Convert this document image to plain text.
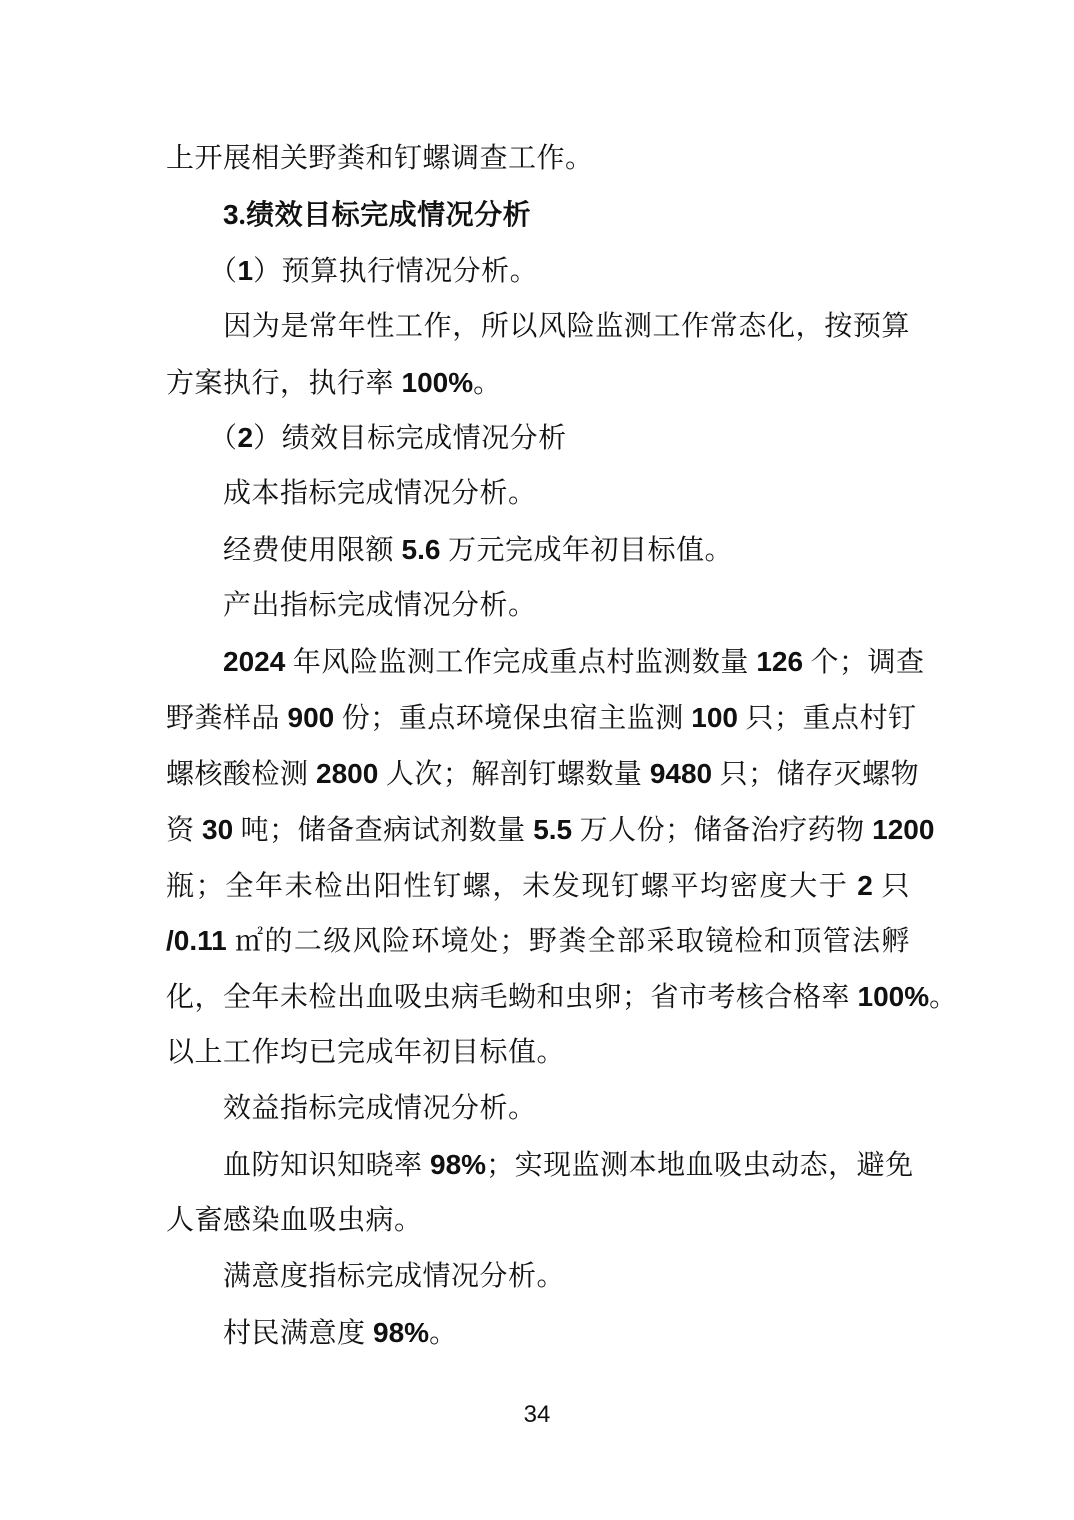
上开展相关野粪和钉螺调查工作。
　　3.绩效目标完成情况分析
　　（1）预算执行情况分析。
　　因为是常年性工作，所以风险监测工作常态化，按预算
方案执行，执行率 100%。
　　（2）绩效目标完成情况分析
　　成本指标完成情况分析。
　　经费使用限额 5.6 万元完成年初目标值。
　　产出指标完成情况分析。
　　2024 年风险监测工作完成重点村监测数量 126 个；调查
野粪样品 900 份；重点环境保虫宿主监测 100 只；重点村钉
螺核酸检测 2800 人次；解剖钉螺数量 9480 只；储存灭螺物
资 30 吨；储备查病试剂数量 5.5 万人份；储备治疗药物 1200
瓶；全年未检出阳性钉螺，未发现钉螺平均密度大于 2 只
/0.11 ㎡的二级风险环境处；野粪全部采取镜检和顶管法孵
化，全年未检出血吸虫病毛蚴和虫卵；省市考核合格率 100%。
以上工作均已完成年初目标值。
　　效益指标完成情况分析。
　　血防知识知晓率 98%；实现监测本地血吸虫动态，避免
人畜感染血吸虫病。
　　满意度指标完成情况分析。
　　村民满意度 98%。
34
